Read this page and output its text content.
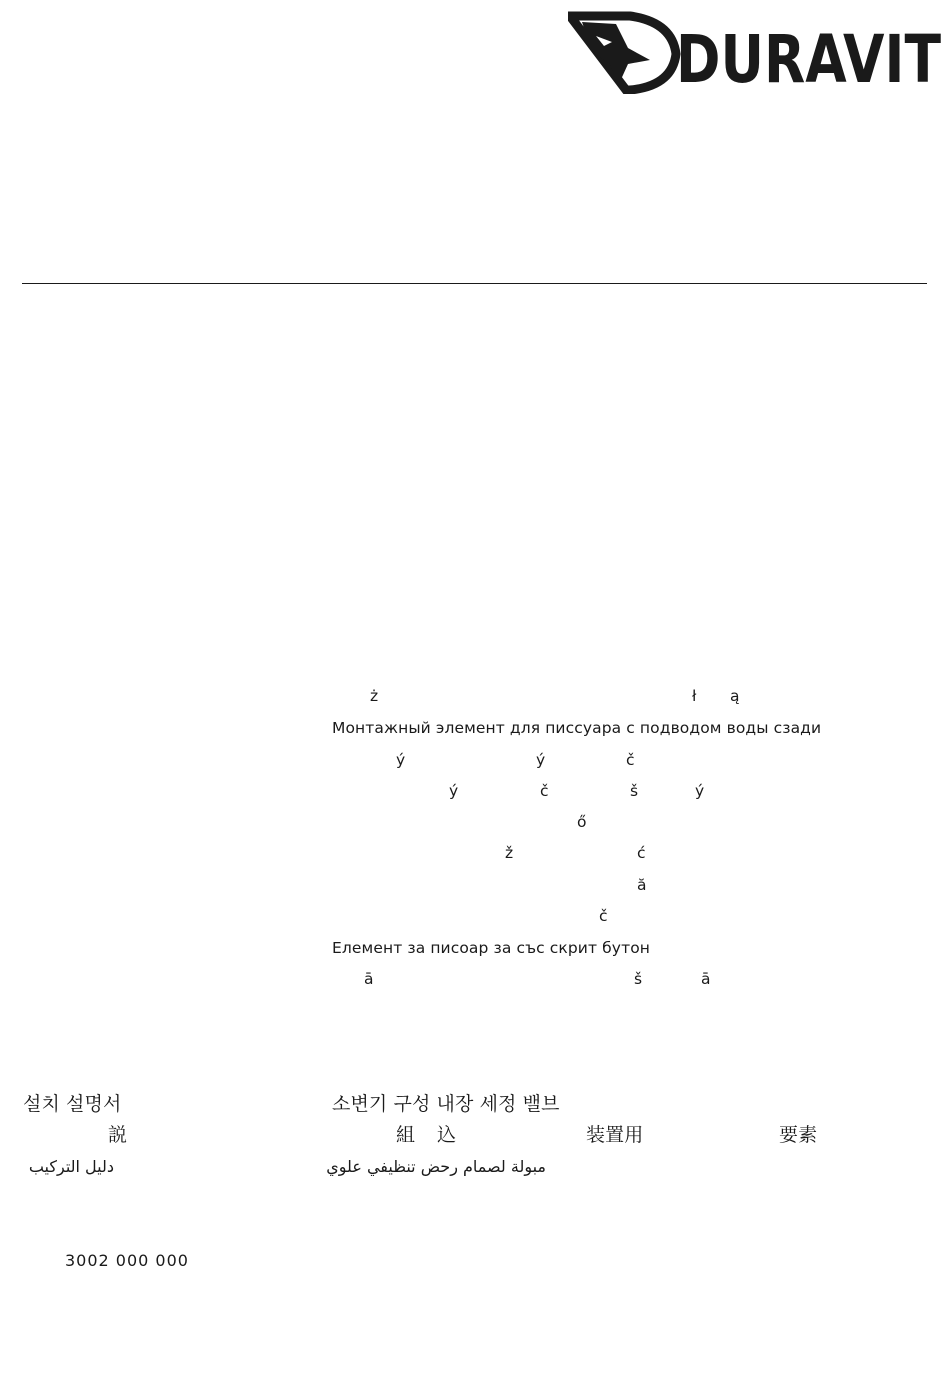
DURAVIT
ż	ł ą
Монтажный элемент для писсуара с подводом воды сзади
ý	ý	č
ý	č	š	ý
ő
ž	ć
ă
č
Елемент за писоар за със скрит бутон
ā	š	ā
설치 설명서	소변기 구성 내장 세정 밸브
説	組 込	装置用	要素
دليل التركيب	مبولة لصمام رحض تنظيفي علوي
3002 000 000
